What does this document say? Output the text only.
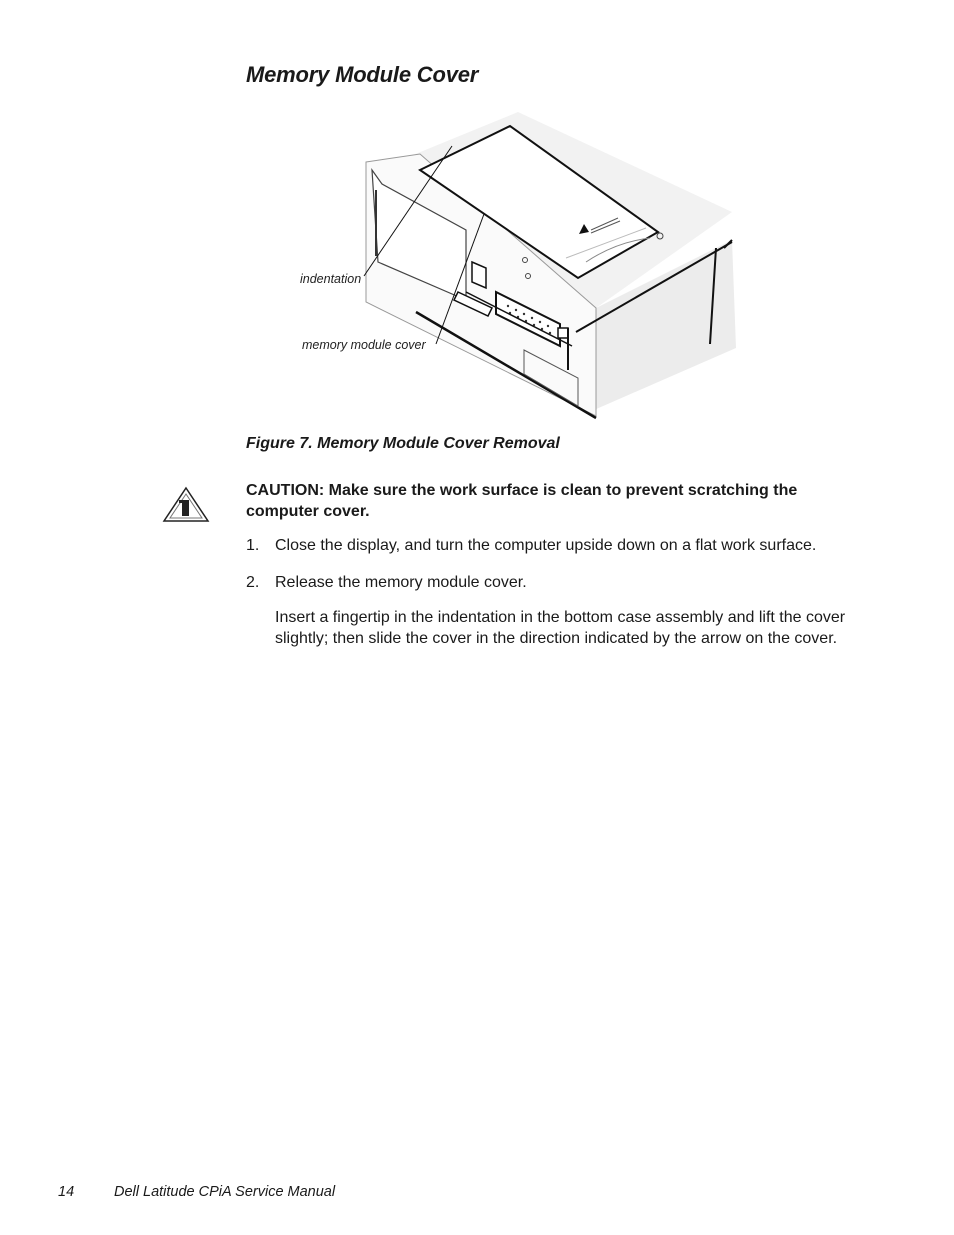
Memory Module Cover
indentation
memory module cover

Figure 7. Memory Module Cover Removal

CAUTION: Make sure the work surface is clean to prevent scratching the computer cover.

1. Close the display, and turn the computer upside down on a flat work surface.

2. Release the memory module cover.

Insert a fingertip in the indentation in the bottom case assembly and lift the cover slightly; then slide the cover in the direction indicated by the arrow on the cover.

14	Dell Latitude CPiA Service Manual
